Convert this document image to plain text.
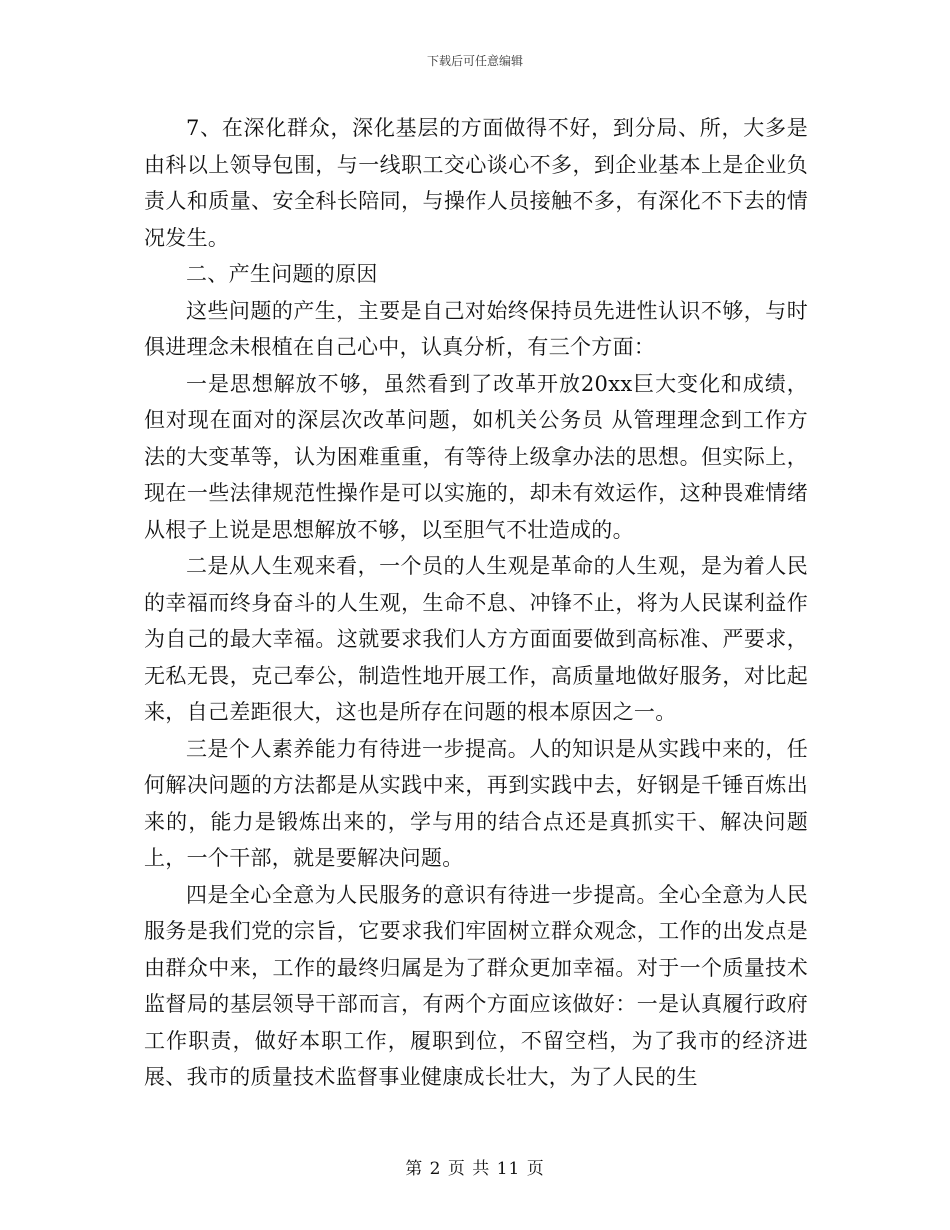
下载后可任意编辑

7、在深化群众，深化基层的方面做得不好，到分局、所，大多是由科以上领导包围，与一线职工交心谈心不多，到企业基本上是企业负责人和质量、安全科长陪同，与操作人员接触不多，有深化不下去的情况发生。

二、产生问题的原因

这些问题的产生，主要是自己对始终保持员先进性认识不够，与时俱进理念未根植在自己心中，认真分析，有三个方面：

一是思想解放不够，虽然看到了改革开放20xx巨大变化和成绩，但对现在面对的深层次改革问题，如机关公务员 从管理理念到工作方法的大变革等，认为困难重重，有等待上级拿办法的思想。但实际上，现在一些法律规范性操作是可以实施的，却未有效运作，这种畏难情绪从根子上说是思想解放不够，以至胆气不壮造成的。

二是从人生观来看，一个员的人生观是革命的人生观，是为着人民的幸福而终身奋斗的人生观，生命不息、冲锋不止，将为人民谋利益作为自己的最大幸福。这就要求我们人方方面面要做到高标准、严要求，无私无畏，克己奉公，制造性地开展工作，高质量地做好服务，对比起来，自己差距很大，这也是所存在问题的根本原因之一。

三是个人素养能力有待进一步提高。人的知识是从实践中来的，任何解决问题的方法都是从实践中来，再到实践中去，好钢是千锤百炼出来的，能力是锻炼出来的，学与用的结合点还是真抓实干、解决问题上，一个干部，就是要解决问题。

四是全心全意为人民服务的意识有待进一步提高。全心全意为人民服务是我们党的宗旨，它要求我们牢固树立群众观念，工作的出发点是由群众中来，工作的最终归属是为了群众更加幸福。对于一个质量技术监督局的基层领导干部而言，有两个方面应该做好：一是认真履行政府工作职责，做好本职工作，履职到位，不留空档，为了我市的经济进展、我市的质量技术监督事业健康成长壮大，为了人民的生

第 2 页 共 11 页
